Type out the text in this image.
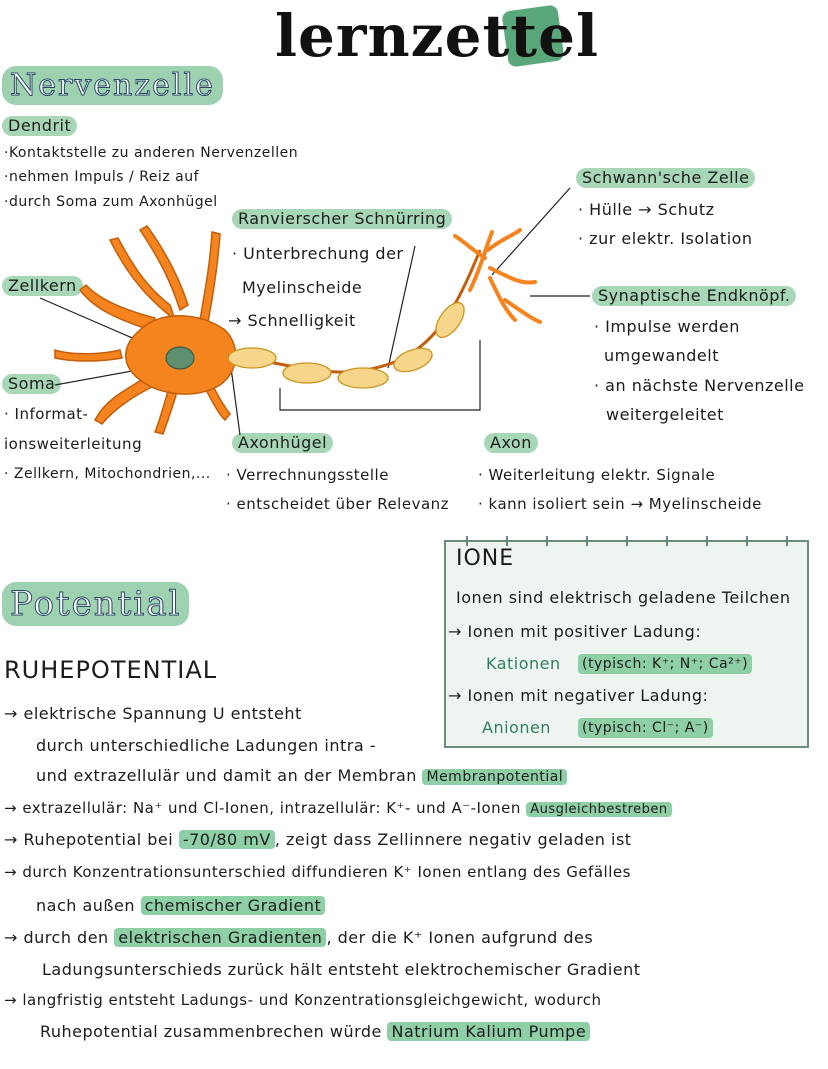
lernzettel
Nervenzelle
Dendrit
·Kontaktstelle zu anderen Nervenzellen
·nehmen Impuls / Reiz auf
·durch Soma zum Axonhügel
Zellkern
Soma
· Informat-
ionsweiterleitung
· Zellkern, Mitochondrien,...
Ranvierscher Schnürring
· Unterbrechung der
Myelinscheide
→ Schnelligkeit
Schwann'sche Zelle
· Hülle → Schutz
· zur elektr. Isolation
Synaptische Endknöpf.
· Impulse werden
umgewandelt
· an nächste Nervenzelle
weitergeleitet
Axonhügel
· Verrechnungsstelle
· entscheidet über Relevanz
Axon
· Weiterleitung elektr. Signale
· kann isoliert sein → Myelinscheide
Potential
RUHEPOTENTIAL
IONE
Ionen sind elektrisch geladene Teilchen
→ Ionen mit positiver Ladung:
Kationen (typisch: K⁺; N⁺; Ca²⁺)
→ Ionen mit negativer Ladung:
Anionen (typisch: Cl⁻; A⁻)
→ elektrische Spannung U entsteht
durch unterschiedliche Ladungen intra -
und extrazellulär und damit an der Membran Membranpotential
→ extrazellulär: Na⁺ und Cl-Ionen, intrazellulär: K⁺- und A⁻-Ionen Ausgleichbestreben
→ Ruhepotential bei -70/80 mV , zeigt dass Zellinnere negativ geladen ist
→ durch Konzentrationsunterschied diffundieren K⁺ Ionen entlang des Gefälles
nach außen chemischer Gradient
→ durch den elektrischen Gradienten , der die K⁺ Ionen aufgrund des
Ladungsunterschieds zurück hält entsteht elektrochemischer Gradient
→ langfristig entsteht Ladungs- und Konzentrationsgleichgewicht, wodurch
Ruhepotential zusammenbrechen würde Natrium Kalium Pumpe
